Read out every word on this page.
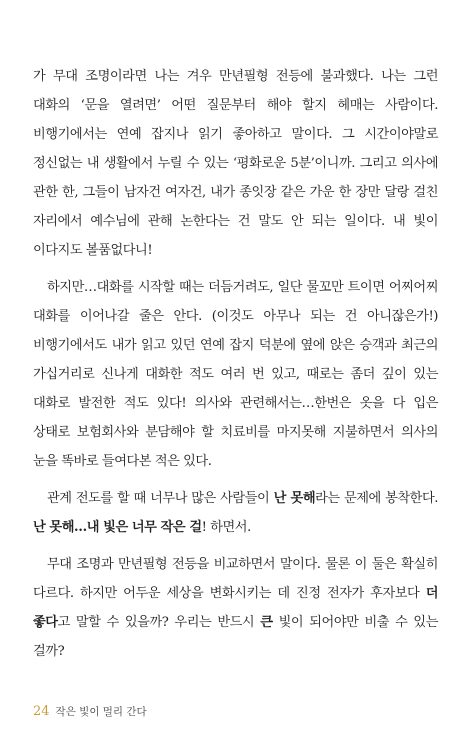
가 무대 조명이라면 나는 겨우 만년필형 전등에 불과했다. 나는 그런 대화의 ‘문을 열려면’ 어떤 질문부터 해야 할지 헤매는 사람이다. 비행기에서는 연예 잡지나 읽기 좋아하고 말이다. 그 시간이야말로 정신없는 내 생활에서 누릴 수 있는 ‘평화로운 5분’이니까. 그리고 의사에 관한 한, 그들이 남자건 여자건, 내가 종잇장 같은 가운 한 장만 달랑 걸친 자리에서 예수님에 관해 논한다는 건 말도 안 되는 일이다. 내 빛이 이다지도 볼품없다니!

하지만…대화를 시작할 때는 더듬거려도, 일단 물꼬만 트이면 어찌어찌 대화를 이어나갈 줄은 안다. (이것도 아무나 되는 건 아니잖은가!) 비행기에서도 내가 읽고 있던 연예 잡지 덕분에 옆에 앉은 승객과 최근의 가십거리로 신나게 대화한 적도 여러 번 있고, 때로는 좀더 깊이 있는 대화로 발전한 적도 있다! 의사와 관련해서는…한번은 옷을 다 입은 상태로 보험회사와 분담해야 할 치료비를 마지못해 지불하면서 의사의 눈을 똑바로 들여다본 적은 있다.

관계 전도를 할 때 너무나 많은 사람들이 난 못해라는 문제에 봉착한다. 난 못해…내 빛은 너무 작은 걸! 하면서.

무대 조명과 만년필형 전등을 비교하면서 말이다. 물론 이 둘은 확실히 다르다. 하지만 어두운 세상을 변화시키는 데 진정 전자가 후자보다 더 좋다고 말할 수 있을까? 우리는 반드시 큰 빛이 되어야만 비출 수 있는 걸까?

24 작은 빛이 멀리 간다
